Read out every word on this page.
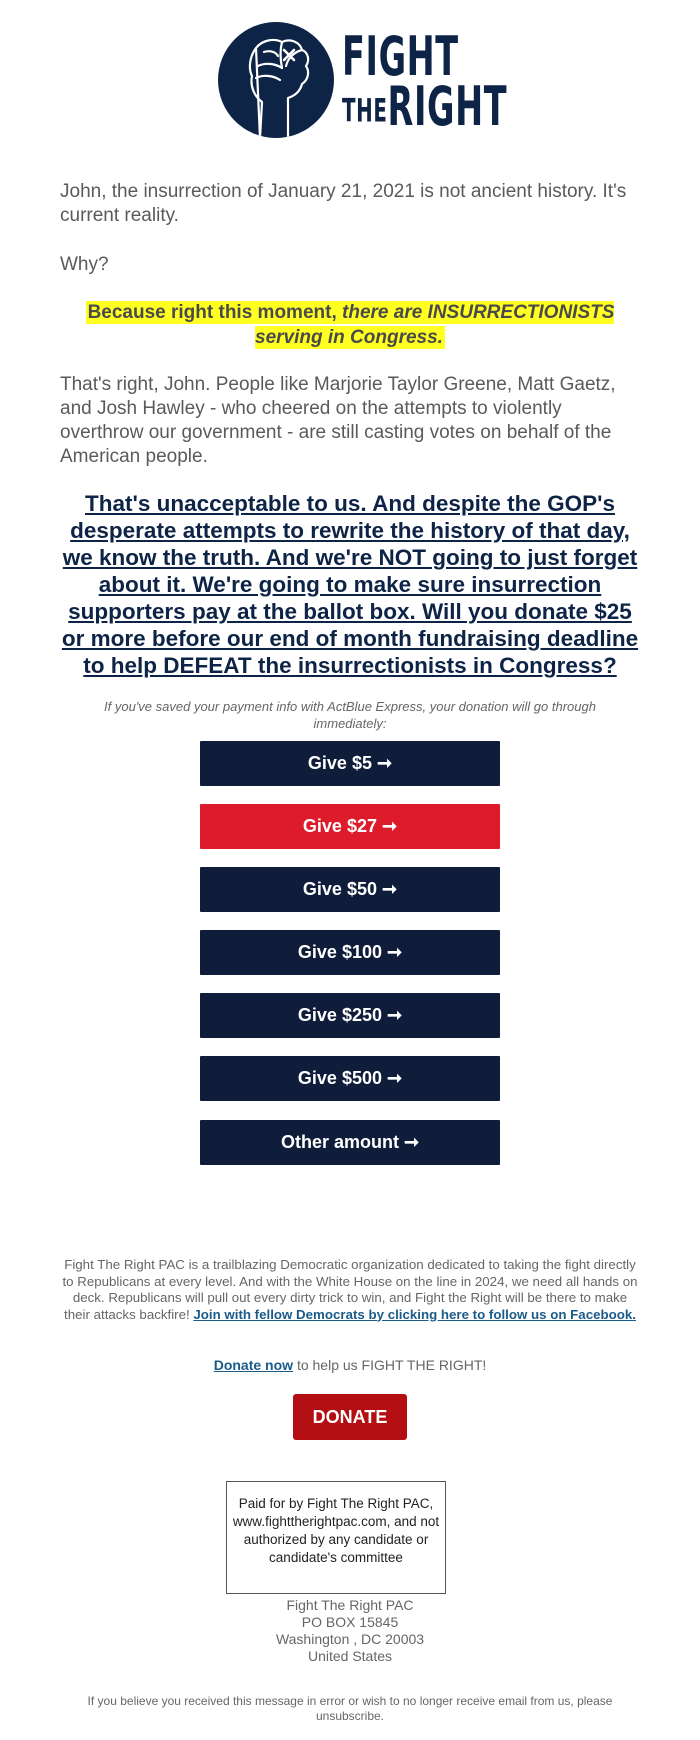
FIGHT
THERIGHT
John, the insurrection of January 21, 2021 is not ancient history. It's current reality.
Why?
Because right this moment, there are INSURRECTIONISTS serving in Congress.
That's right, John. People like Marjorie Taylor Greene, Matt Gaetz, and Josh Hawley - who cheered on the attempts to violently overthrow our government - are still casting votes on behalf of the American people.
That's unacceptable to us. And despite the GOP's desperate attempts to rewrite the history of that day, we know the truth. And we're NOT going to just forget about it. We're going to make sure insurrection supporters pay at the ballot box. Will you donate $25 or more before our end of month fundraising deadline to help DEFEAT the insurrectionists in Congress?
If you've saved your payment info with ActBlue Express, your donation will go through immediately:
Give $5 ➞
Give $27 ➞
Give $50 ➞
Give $100 ➞
Give $250 ➞
Give $500 ➞
Other amount ➞
Fight The Right PAC is a trailblazing Democratic organization dedicated to taking the fight directly to Republicans at every level. And with the White House on the line in 2024, we need all hands on deck. Republicans will pull out every dirty trick to win, and Fight the Right will be there to make their attacks backfire! Join with fellow Democrats by clicking here to follow us on Facebook.
Donate now to help us FIGHT THE RIGHT!
DONATE
Paid for by Fight The Right PAC, www.fighttherightpac.com, and not authorized by any candidate or candidate's committee
Fight The Right PAC
PO BOX 15845
Washington , DC 20003
United States
If you believe you received this message in error or wish to no longer receive email from us, please unsubscribe.
